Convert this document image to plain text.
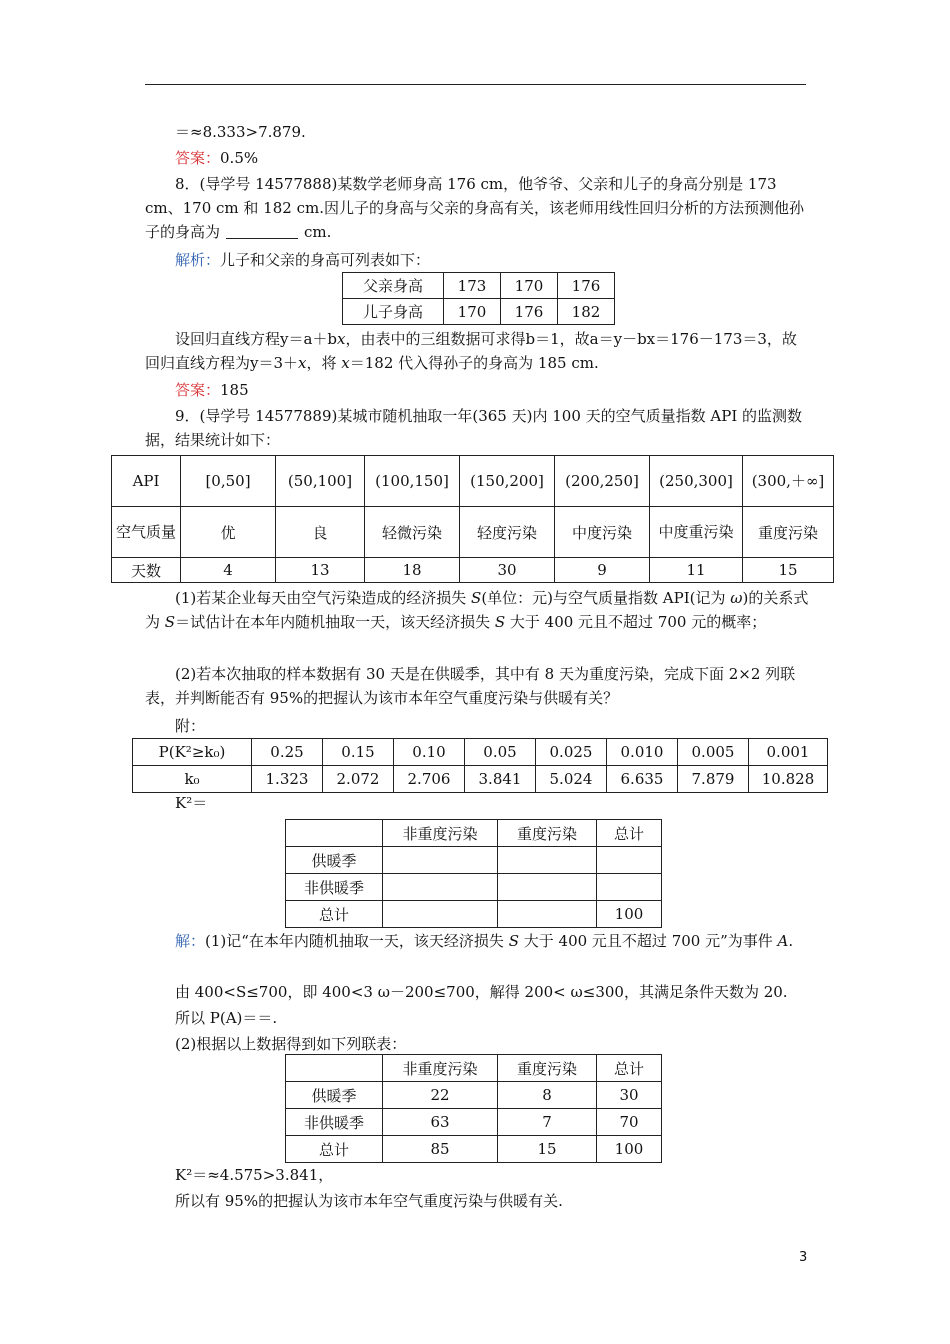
＝≈8.333>7.879.
答案：0.5%
8．(导学号 14577888)某数学老师身高 176 cm，他爷爷、父亲和儿子的身高分别是 173 cm、170 cm 和 182 cm.因儿子的身高与父亲的身高有关，该老师用线性回归分析的方法预测他孙子的身高为	cm.
解析：儿子和父亲的身高可列表如下：
父亲身高	173	170	176
儿子身高	170	176	182
设回归直线方程y＝a＋bx，由表中的三组数据可求得b＝1，故a＝y－bx＝176－173＝3，故回归直线方程为y＝3＋x，将 x＝182 代入得孙子的身高为 185 cm.
答案：185
9．(导学号 14577889)某城市随机抽取一年(365 天)内 100 天的空气质量指数 API 的监测数据，结果统计如下：
API	[0,50]	(50,100]	(100,150]	(150,200]	(200,250]	(250,300]	(300,＋∞]
空气质量	优	良	轻微污染	轻度污染	中度污染	中度重污染	重度污染
天数	4	13	18	30	9	11	15
(1)若某企业每天由空气污染造成的经济损失 S(单位：元)与空气质量指数 API(记为 ω)的关系式为 S＝试估计在本年内随机抽取一天，该天经济损失 S 大于 400 元且不超过 700 元的概率；
(2)若本次抽取的样本数据有 30 天是在供暖季，其中有 8 天为重度污染，完成下面 2×2 列联表，并判断能否有 95%的把握认为该市本年空气重度污染与供暖有关？
附：
P(K²≥k₀)	0.25	0.15	0.10	0.05	0.025	0.010	0.005	0.001
k₀	1.323	2.072	2.706	3.841	5.024	6.635	7.879	10.828
K²＝
	非重度污染	重度污染	总计
供暖季			
非供暖季			
总计			100
解：(1)记“在本年内随机抽取一天，该天经济损失 S 大于 400 元且不超过 700 元”为事件 A.
由 400<S≤700，即 400<3 ω－200≤700，解得 200< ω≤300，其满足条件天数为 20.
所以 P(A)＝＝.
(2)根据以上数据得到如下列联表：
	非重度污染	重度污染	总计
供暖季	22	8	30
非供暖季	63	7	70
总计	85	15	100
K²＝≈4.575>3.841，
所以有 95%的把握认为该市本年空气重度污染与供暖有关.
3
